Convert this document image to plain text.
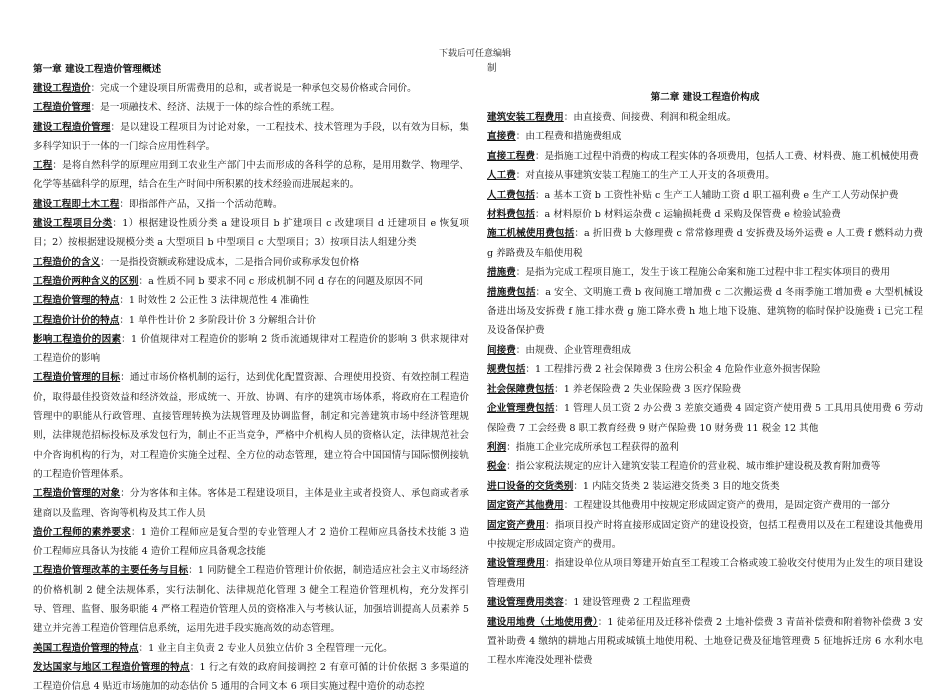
下载后可任意编辑

第一章 建设工程造价管理概述

建设工程造价：完成一个建设项目所需费用的总和，或者说是一种承包交易价格或合同价。

工程造价管理：是一项融技术、经济、法规于一体的综合性的系统工程。

建设工程造价管理：是以建设工程项目为讨论对象，一工程技术、技术管理为手段，以有效为目标，集多科学知识于一体的一门综合应用性科学。

工程：是将自然科学的原理应用到工农业生产部门中去而形成的各科学的总称，是用用数学、物理学、化学等基础科学的原理，结合在生产时间中所积累的技术经验而进展起来的。

建设工程即土木工程：即指部件产品，又指一个活动范畴。

建设工程项目分类：1）根据建设性质分类 a 建设项目 b 扩建项目 c 改建项目 d 迁建项目 e 恢复项目；2）按根据建设规模分类 a 大型项目 b 中型项目 c 大型项目；3）按项目法人组建分类

工程造价的含义：一是指投资额或称建设成本，二是指合同价或称承发包价格

工程造价两种含义的区别：a 性质不同 b 要求不同 c 形成机制不同 d 存在的问题及原因不同

工程造价管理的特点：1 时效性 2 公正性 3 法律规范性 4 准确性

工程造价计价的特点：1 单件性计价 2 多阶段计价 3 分解组合计价

影响工程造价的因素：1 价值规律对工程造价的影响 2 货币流通规律对工程造价的影响 3 供求规律对工程造价的影响

工程造价管理的目标：通过市场价格机制的运行，达到优化配置资源、合理使用投资、有效控制工程造价，取得最佳投资效益和经济效益，形成统一、开放、协调、有序的建筑市场体系，将政府在工程造价管理中的职能从行政管理、直接管理转换为法规管理及协调监督，制定和完善建筑市场中经济管理规则，法律规范招标投标及承发包行为，制止不正当竞争，严格中介机构人员的资格认定，法律规范社会中介咨询机构的行为，对工程造价实施全过程、全方位的动态管理，建立符合中国国情与国际惯例接轨的工程造价管理体系。

工程造价管理的对象：分为客体和主体。客体是工程建设项目，主体是业主或者投资人、承包商或者承建商以及监理、咨询等机构及其工作人员

造价工程师的素养要求：1 造价工程师应是复合型的专业管理人才 2 造价工程师应具备技术技能 3 造价工程师应具备认为技能 4 造价工程师应具备观念技能

工程造价管理改革的主要任务与目标：1 同防健全工程造价管理计价依据，制造适应社会主义市场经济的价格机制 2 健全法规体系，实行法制化、法律规范化管理 3 健全工程造价管理机构，充分发挥引导、管理、监督、服务职能 4 严格工程造价管理人员的资格准入与考核认证，加强培训提高人员素养 5 建立并完善工程造价管理信息系统，运用先进手段实施高效的动态管理。

美国工程造价管理的特点：1 业主自主负责 2 专业人员独立估价 3 全程管理一元化。

发达国家与地区工程造价管理的特点：1 行之有效的政府间接调控 2 有章可循的计价依据 3 多渠道的工程造价信息 4 贴近市场施加的动态估价 5 通用的合同文本 6 项目实施过程中造价的动态控

制

第二章 建设工程造价构成

建筑安装工程费用：由直接费、间接费、利润和税金组成。

直接费：由工程费和措施费组成

直接工程费：是指施工过程中消费的构成工程实体的各项费用，包括人工费、材料费、施工机械使用费

人工费：对直接从事建筑安装工程施工的生产工人开支的各项费用。

人工费包括：a 基本工资 b 工资性补贴 c 生产工人辅助工资 d 职工福利费 e 生产工人劳动保护费

材料费包括：a 材料原价 b 材料运杂费 c 运输损耗费 d 采购及保管费 e 检验试验费

施工机械使用费包括：a 折旧费 b 大修理费 c 常常修理费 d 安拆费及场外运费 e 人工费 f 燃料动力费 g 养路费及车船使用税

措施费：是指为完成工程项目施工，发生于该工程施公命案和施工过程中非工程实体项目的费用

措施费包括：a 安全、文明施工费 b 夜间施工增加费 c 二次搬运费 d 冬雨季施工增加费 e 大型机械设备进出场及安拆费 f 施工排水费 g 施工降水费 h 地上地下设施、建筑物的临时保护设施费 i 已完工程及设备保护费

间接费：由规费、企业管理费组成

规费包括：1 工程排污费 2 社会保障费 3 住房公积金 4 危险作业意外损害保险

社会保障费包括：1 养老保险费 2 失业保险费 3 医疗保险费

企业管理费包括：1 管理人员工资 2 办公费 3 差旅交通费 4 固定资产使用费 5 工具用具使用费 6 劳动保险费 7 工会经费 8 职工教育经费 9 财产保险费 10 财务费 11 税金 12 其他

利润：指施工企业完成所承包工程获得的盈利

税金：指公家税法规定的应计入建筑安装工程造价的营业税、城市维护建设税及教育附加费等

进口设备的交货类别：1 内陆交货类 2 装运港交货类 3 目的地交货类

固定资产其他费用：工程建设其他费用中按规定形成固定资产的费用，是固定资产费用的一部分

固定资产费用：指项目投产时将直接形成固定资产的建设投资，包括工程费用以及在工程建设其他费用中按规定形成固定资产的费用。

建设管理费用：指建设单位从项目筹建开始直至工程竣工合格或竣工验收交付使用为止发生的项目建设管理费用

建设管理费用类容：1 建设管理费 2 工程监理费

建设用地费（土地使用费）：1 徒弟征用及迁移补偿费 2 土地补偿费 3 青苗补偿费和附着物补偿费 3 安置补助费 4 缴纳的耕地占用税或城镇土地使用税、土地登记费及征地管理费 5 征地拆迁房 6 水利水电工程水库淹没处理补偿费
